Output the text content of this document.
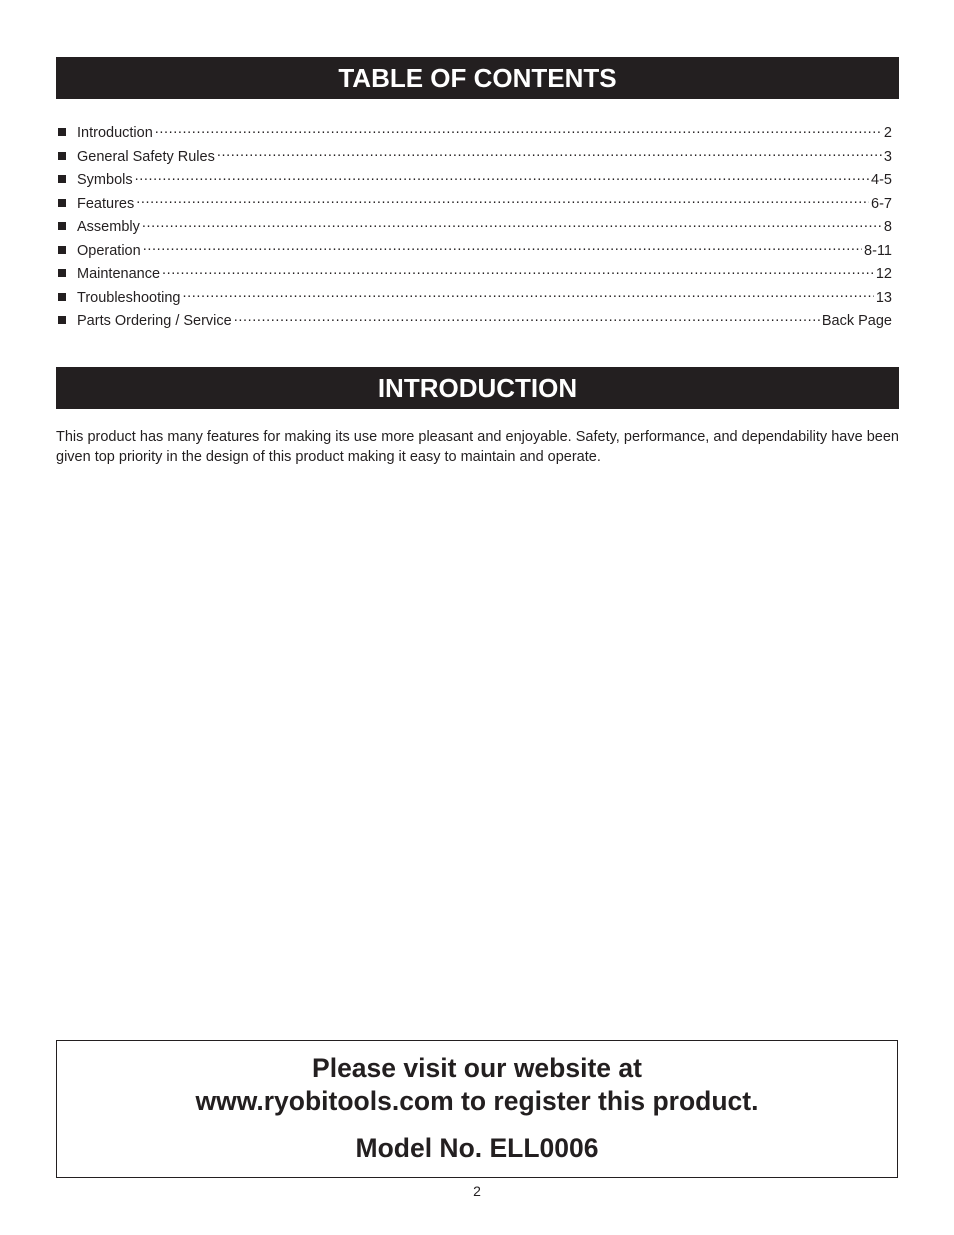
TABLE OF CONTENTS
Introduction .....	2
General Safety Rules .....	3
Symbols .....	4-5
Features .....	6-7
Assembly .....	8
Operation .....	8-11
Maintenance .....	12
Troubleshooting .....	13
Parts Ordering / Service .....	Back Page
INTRODUCTION

This product has many features for making its use more pleasant and enjoyable. Safety, performance, and dependability have been given top priority in the design of this product making it easy to maintain and operate.

Please visit our website at
www.ryobitools.com to register this product.
Model No. ELL0006
2
